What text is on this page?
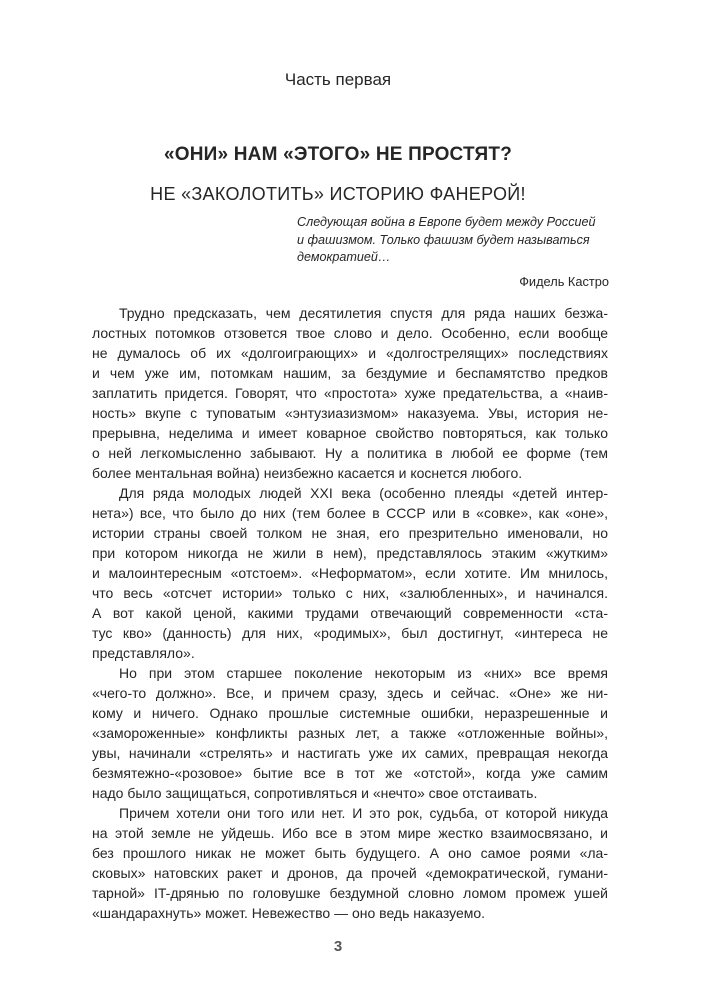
Часть первая
«ОНИ» НАМ «ЭТОГО» НЕ ПРОСТЯТ?
НЕ «ЗАКОЛОТИТЬ» ИСТОРИЮ ФАНЕРОЙ!
Следующая война в Европе будет между Россией
и фашизмом. Только фашизм будет называться
демократией…
Фидель Кастро
Трудно предсказать, чем десятилетия спустя для ряда наших безжа-
лостных потомков отзовется твое слово и дело. Особенно, если вообще
не думалось об их «долгоиграющих» и «долгострелящих» последствиях
и чем уже им, потомкам нашим, за бездумие и беспамятство предков
заплатить придется. Говорят, что «простота» хуже предательства, а «наив-
ность» вкупе с туповатым «энтузиазизмом» наказуема. Увы, история не-
прерывна, неделима и имеет коварное свойство повторяться, как только
о ней легкомысленно забывают. Ну а политика в любой ее форме (тем
более ментальная война) неизбежно касается и коснется любого.
Для ряда молодых людей XXI века (особенно плеяды «детей интер-
нета») все, что было до них (тем более в СССР или в «совке», как «оне»,
истории страны своей толком не зная, его презрительно именовали, но
при котором никогда не жили в нем), представлялось этаким «жутким»
и малоинтересным «отстоем». «Неформатом», если хотите. Им мнилось,
что весь «отсчет истории» только с них, «залюбленных», и начинался.
А вот какой ценой, какими трудами отвечающий современности «ста-
тус кво» (данность) для них, «родимых», был достигнут, «интереса не
представляло».
Но при этом старшее поколение некоторым из «них» все время
«чего-то должно». Все, и причем сразу, здесь и сейчас. «Оне» же ни-
кому и ничего. Однако прошлые системные ошибки, неразрешенные и
«замороженные» конфликты разных лет, а также «отложенные войны»,
увы, начинали «стрелять» и настигать уже их самих, превращая некогда
безмятежно-«розовое» бытие все в тот же «отстой», когда уже самим
надо было защищаться, сопротивляться и «нечто» свое отстаивать.
Причем хотели они того или нет. И это рок, судьба, от которой никуда
на этой земле не уйдешь. Ибо все в этом мире жестко взаимосвязано, и
без прошлого никак не может быть будущего. А оно самое роями «ла-
сковых» натовских ракет и дронов, да прочей «демократической, гумани-
тарной» IT-дрянью по головушке бездумной словно ломом промеж ушей
«шандарахнуть» может. Невежество — оно ведь наказуемо.
3
